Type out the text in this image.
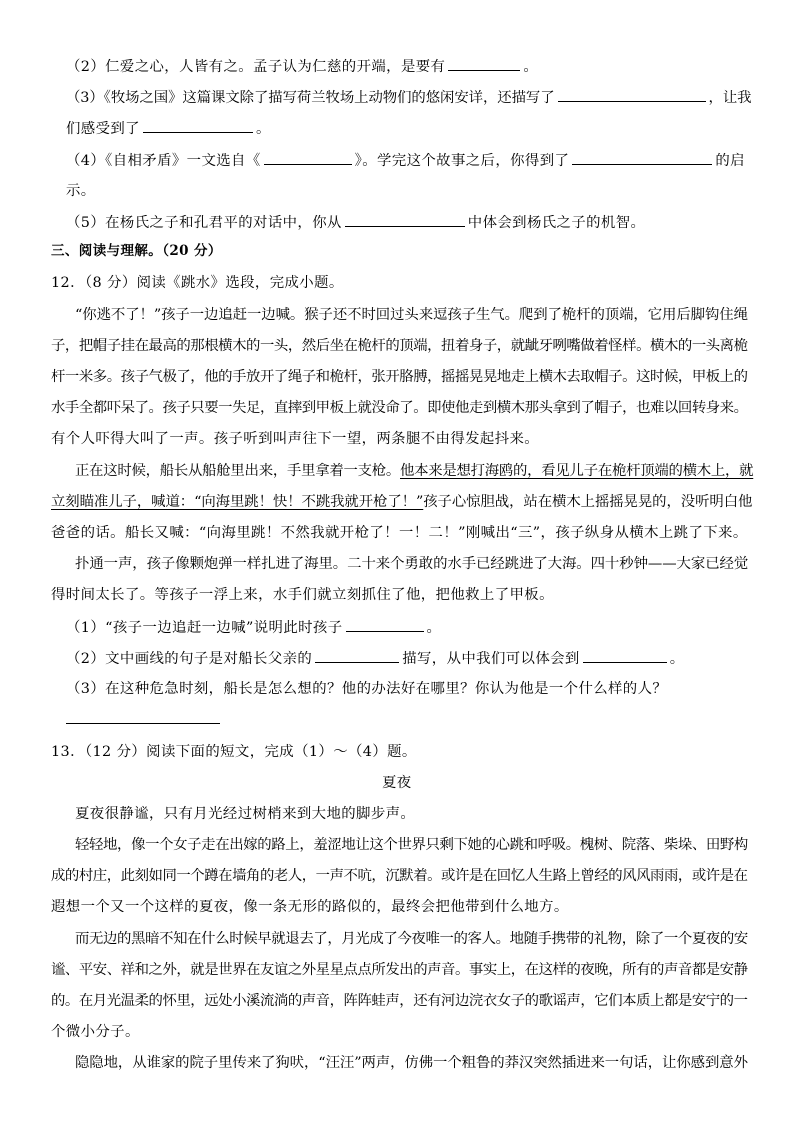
（2）仁爱之心，人皆有之。孟子认为仁慈的开端，是要有	。
（3）《牧场之国》这篇课文除了描写荷兰牧场上动物们的悠闲安详，还描写了	，让我
们感受到了	。
（4）《自相矛盾》一文选自《	》。学完这个故事之后，你得到了	的启
示。
（5）在杨氏之子和孔君平的对话中，你从	中体会到杨氏之子的机智。
三、阅读与理解。（20 分）
12．（8 分）阅读《跳水》选段，完成小题。
“你逃不了！”孩子一边追赶一边喊。猴子还不时回过头来逗孩子生气。爬到了桅杆的顶端，它用后脚钩住绳
子，把帽子挂在最高的那根横木的一头，然后坐在桅杆的顶端，扭着身子，就龇牙咧嘴做着怪样。横木的一头离桅
杆一米多。孩子气极了，他的手放开了绳子和桅杆，张开胳膊，摇摇晃晃地走上横木去取帽子。这时候，甲板上的
水手全都吓呆了。孩子只要一失足，直摔到甲板上就没命了。即使他走到横木那头拿到了帽子，也难以回转身来。
有个人吓得大叫了一声。孩子听到叫声往下一望，两条腿不由得发起抖来。
正在这时候，船长从船舱里出来，手里拿着一支枪。他本来是想打海鸥的，看见儿子在桅杆顶端的横木上，就
立刻瞄准儿子，喊道：“向海里跳！快！不跳我就开枪了！”孩子心惊胆战，站在横木上摇摇晃晃的，没听明白他
爸爸的话。船长又喊：“向海里跳！不然我就开枪了！一！二！”刚喊出“三”，孩子纵身从横木上跳了下来。
扑通一声，孩子像颗炮弹一样扎进了海里。二十来个勇敢的水手已经跳进了大海。四十秒钟——大家已经觉
得时间太长了。等孩子一浮上来，水手们就立刻抓住了他，把他救上了甲板。
（1）“孩子一边追赶一边喊”说明此时孩子	。
（2）文中画线的句子是对船长父亲的	描写，从中我们可以体会到	。
（3）在这种危急时刻，船长是怎么想的？他的办法好在哪里？你认为他是一个什么样的人？
13．（12 分）阅读下面的短文，完成（1）～（4）题。
夏夜
夏夜很静谧，只有月光经过树梢来到大地的脚步声。
轻轻地，像一个女子走在出嫁的路上，羞涩地让这个世界只剩下她的心跳和呼吸。槐树、院落、柴垛、田野构
成的村庄，此刻如同一个蹲在墙角的老人，一声不吭，沉默着。或许是在回忆人生路上曾经的风风雨雨，或许是在
遐想一个又一个这样的夏夜，像一条无形的路似的，最终会把他带到什么地方。
而无边的黑暗不知在什么时候早就退去了，月光成了今夜唯一的客人。地随手携带的礼物，除了一个夏夜的安
谧、平安、祥和之外，就是世界在友谊之外星星点点所发出的声音。事实上，在这样的夜晚，所有的声音都是安静
的。在月光温柔的怀里，远处小溪流淌的声音，阵阵蛙声，还有河边浣衣女子的歌谣声，它们本质上都是安宁的一
个微小分子。
隐隐地，从谁家的院子里传来了狗吠，“汪汪”两声，仿佛一个粗鲁的莽汉突然插进来一句话，让你感到意外
